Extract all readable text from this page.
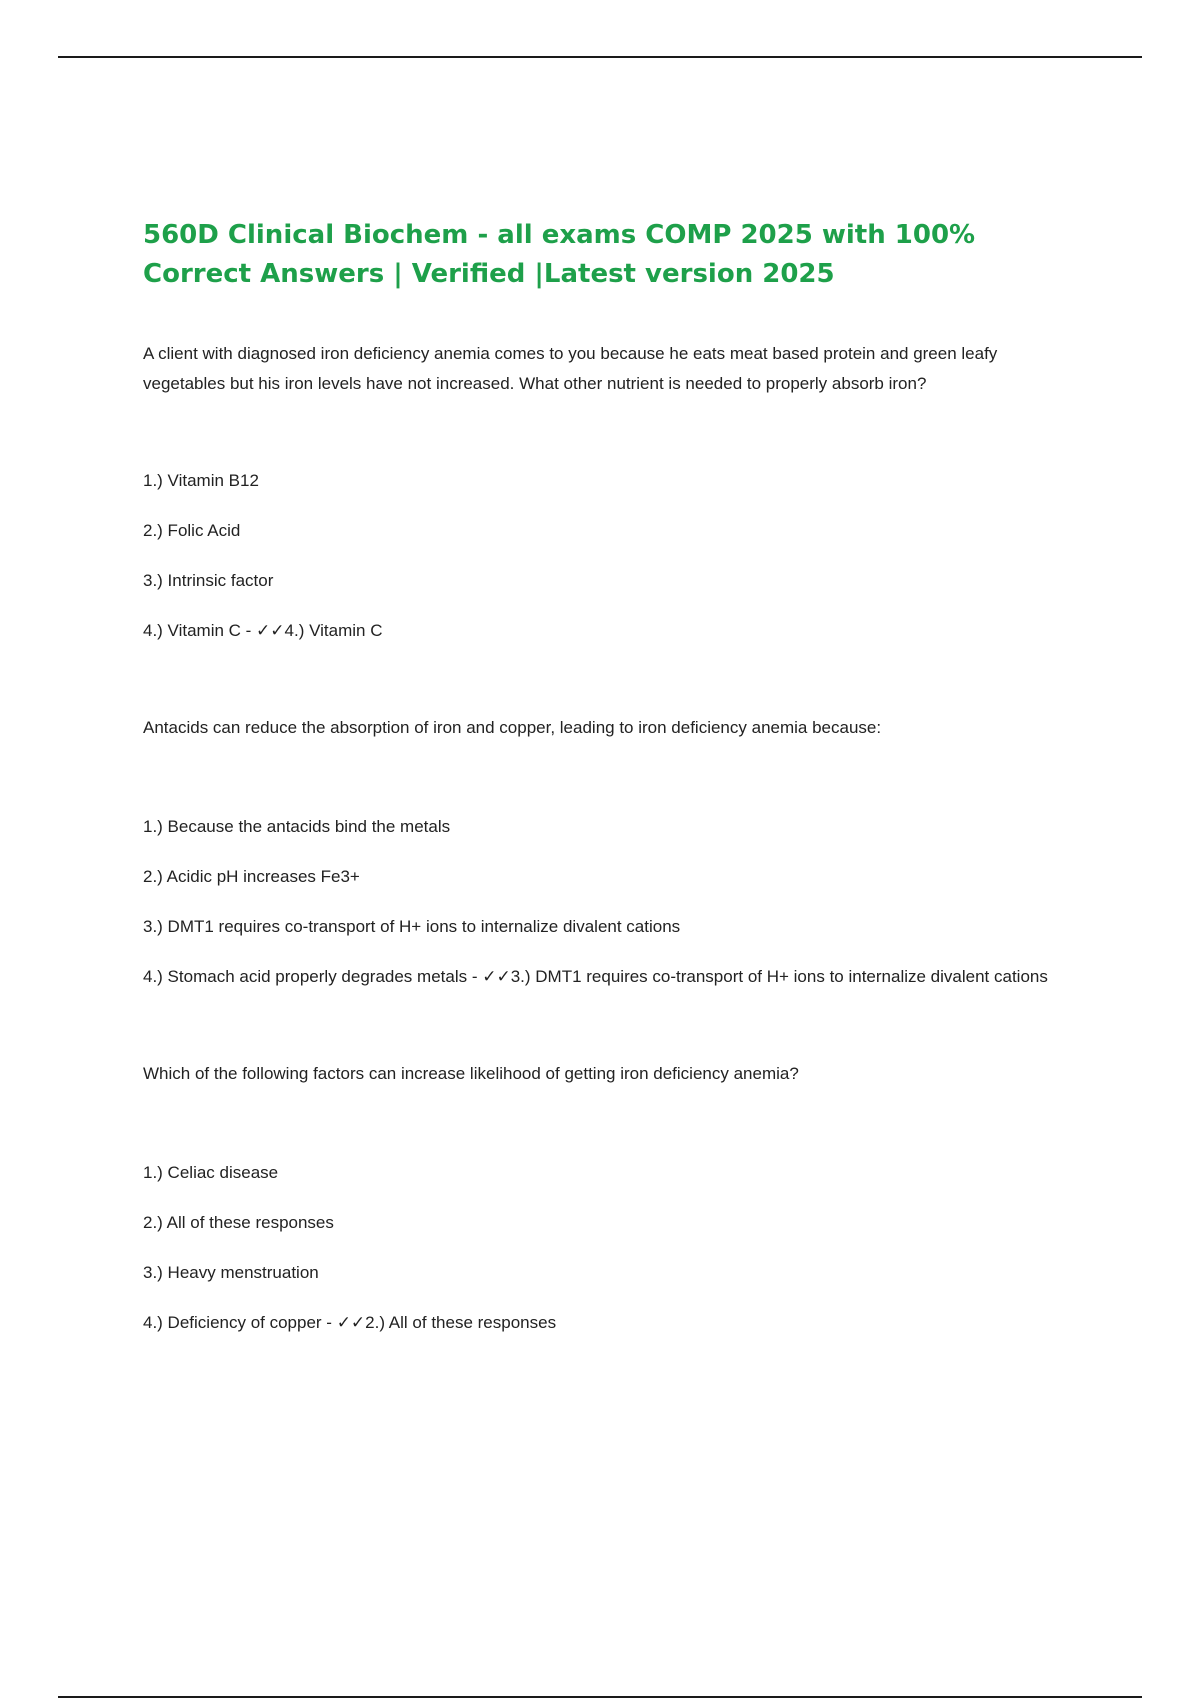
560D Clinical Biochem - all exams COMP 2025 with 100% Correct Answers | Verified |Latest version 2025

A client with diagnosed iron deficiency anemia comes to you because he eats meat based protein and green leafy vegetables but his iron levels have not increased. What other nutrient is needed to properly absorb iron?

1.) Vitamin B12
2.) Folic Acid
3.) Intrinsic factor
4.) Vitamin C - ✓✓4.) Vitamin C

Antacids can reduce the absorption of iron and copper, leading to iron deficiency anemia because:

1.) Because the antacids bind the metals
2.) Acidic pH increases Fe3+
3.) DMT1 requires co-transport of H+ ions to internalize divalent cations
4.) Stomach acid properly degrades metals - ✓✓3.) DMT1 requires co-transport of H+ ions to internalize divalent cations

Which of the following factors can increase likelihood of getting iron deficiency anemia?

1.) Celiac disease
2.) All of these responses
3.) Heavy menstruation
4.) Deficiency of copper - ✓✓2.) All of these responses
